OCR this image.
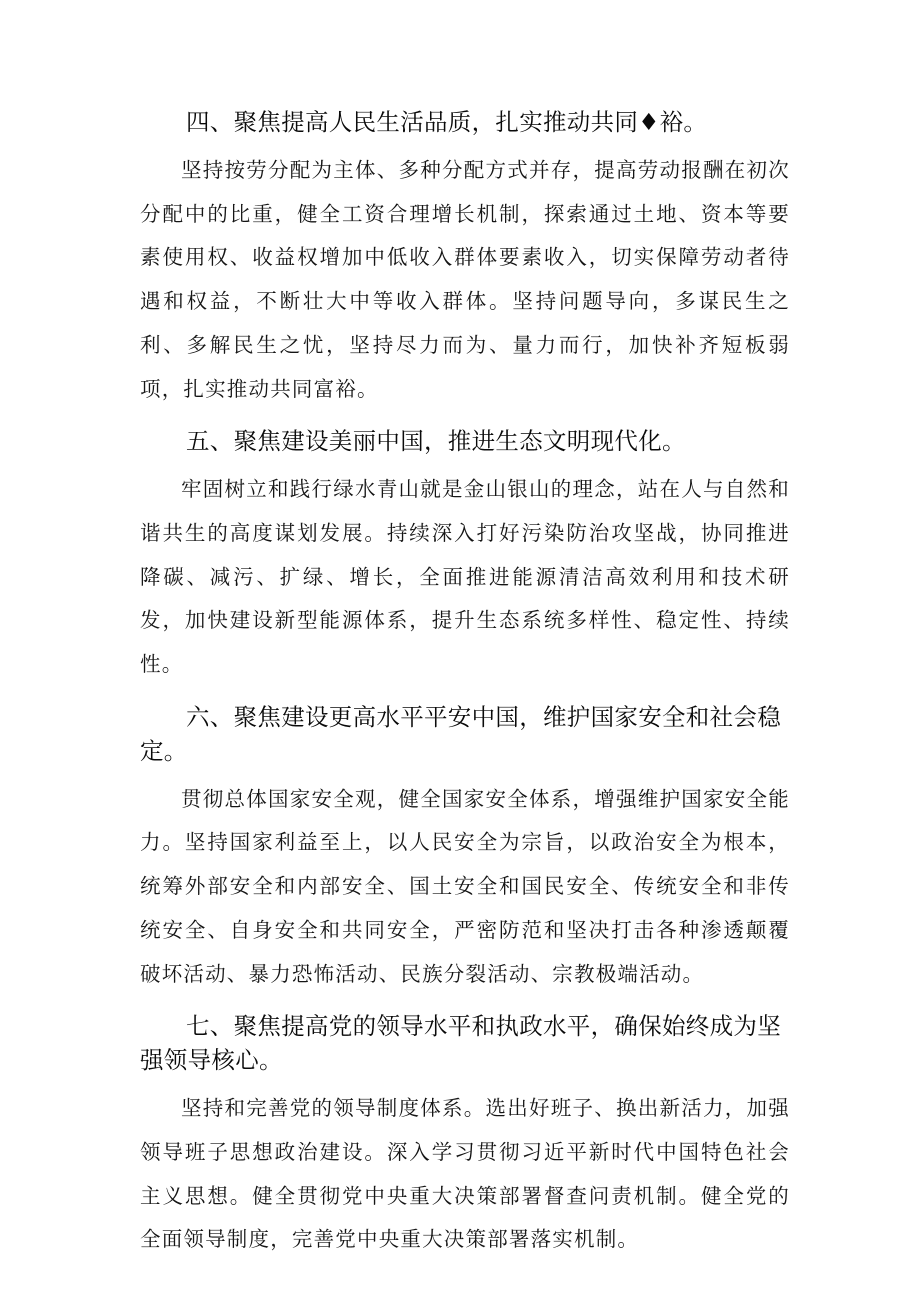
四、聚焦提高人民生活品质，扎实推动共同♦裕。

坚持按劳分配为主体、多种分配方式并存，提高劳动报酬在初次分配中的比重，健全工资合理增长机制，探索通过土地、资本等要素使用权、收益权增加中低收入群体要素收入，切实保障劳动者待遇和权益，不断壮大中等收入群体。坚持问题导向，多谋民生之利、多解民生之忧，坚持尽力而为、量力而行，加快补齐短板弱项，扎实推动共同富裕。

五、聚焦建设美丽中国，推进生态文明现代化。

牢固树立和践行绿水青山就是金山银山的理念，站在人与自然和谐共生的高度谋划发展。持续深入打好污染防治攻坚战，协同推进降碳、减污、扩绿、增长，全面推进能源清洁高效利用和技术研发，加快建设新型能源体系，提升生态系统多样性、稳定性、持续性。

六、聚焦建设更高水平平安中国，维护国家安全和社会稳定。

贯彻总体国家安全观，健全国家安全体系，增强维护国家安全能力。坚持国家利益至上，以人民安全为宗旨，以政治安全为根本，统筹外部安全和内部安全、国土安全和国民安全、传统安全和非传统安全、自身安全和共同安全，严密防范和坚决打击各种渗透颠覆破坏活动、暴力恐怖活动、民族分裂活动、宗教极端活动。

七、聚焦提高党的领导水平和执政水平，确保始终成为坚强领导核心。

坚持和完善党的领导制度体系。选出好班子、换出新活力，加强领导班子思想政治建设。深入学习贯彻习近平新时代中国特色社会主义思想。健全贯彻党中央重大决策部署督查问责机制。健全党的全面领导制度，完善党中央重大决策部署落实机制。
